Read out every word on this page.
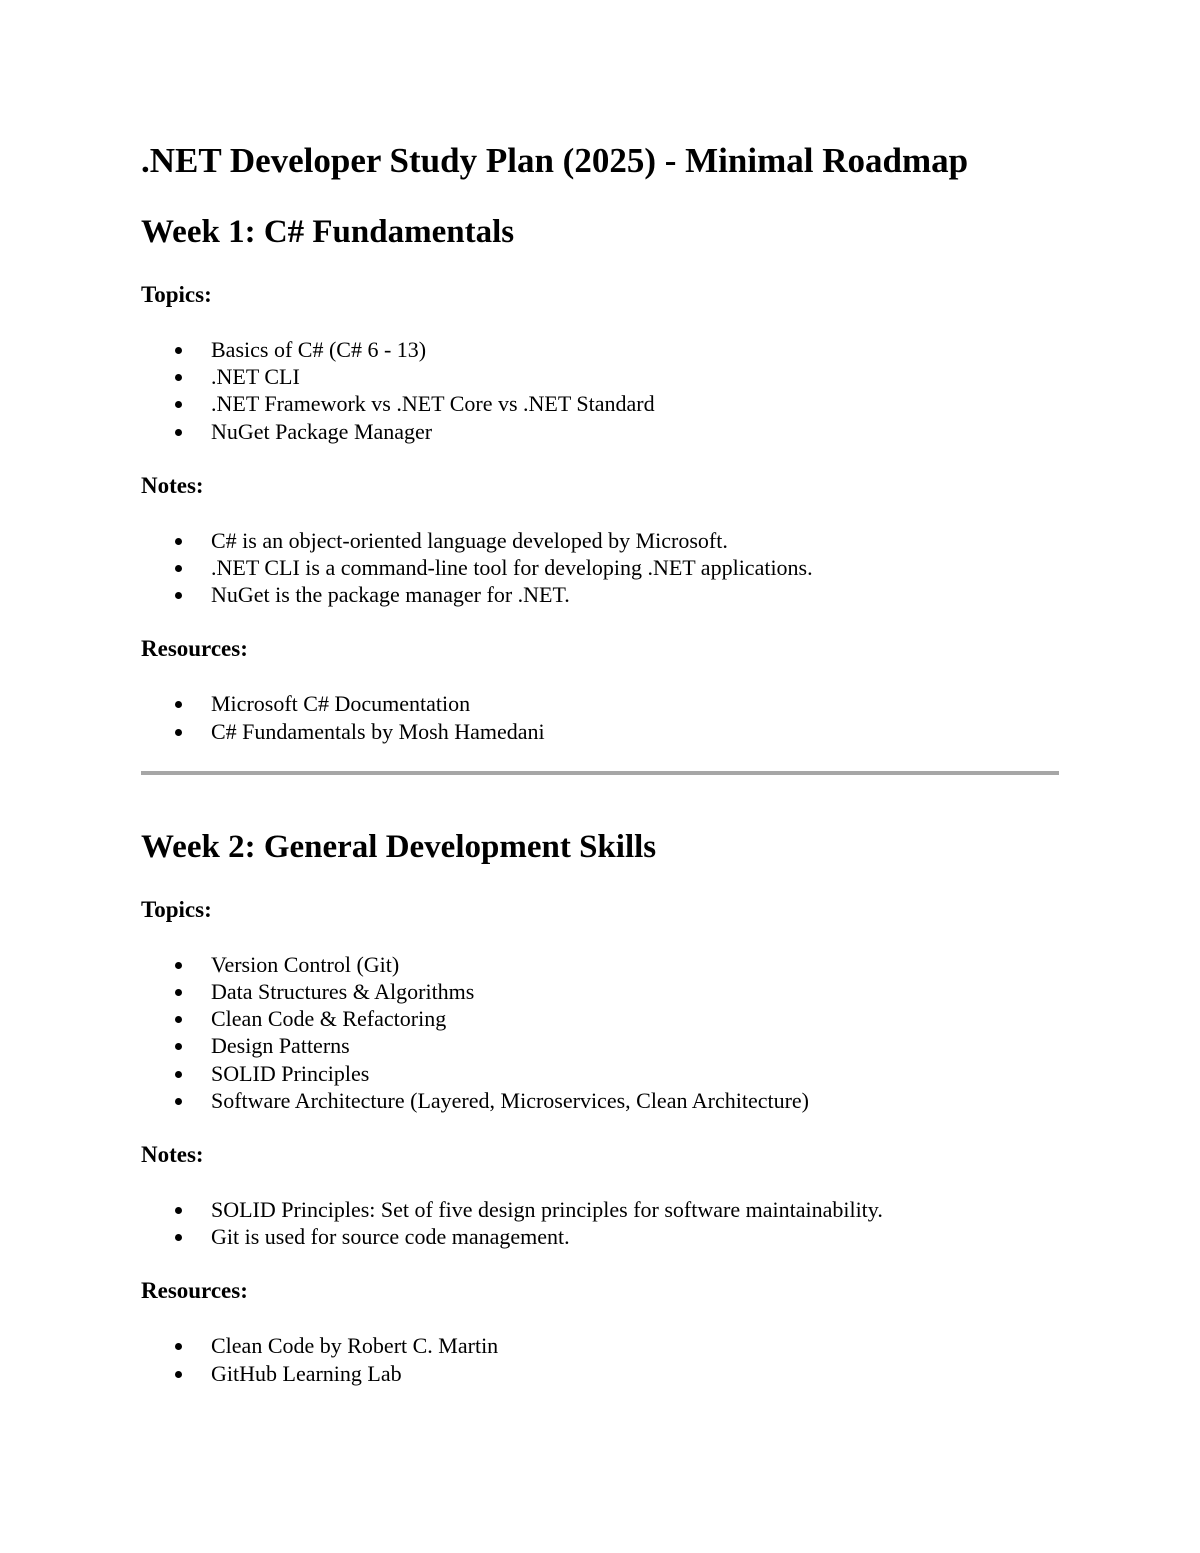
.NET Developer Study Plan (2025) - Minimal Roadmap
Week 1: C# Fundamentals

Topics:

Basics of C# (C# 6 - 13)
.NET CLI
.NET Framework vs .NET Core vs .NET Standard
NuGet Package Manager

Notes:

C# is an object-oriented language developed by Microsoft.
.NET CLI is a command-line tool for developing .NET applications.
NuGet is the package manager for .NET.

Resources:

Microsoft C# Documentation
C# Fundamentals by Mosh Hamedani
Week 2: General Development Skills

Topics:

Version Control (Git)
Data Structures & Algorithms
Clean Code & Refactoring
Design Patterns
SOLID Principles
Software Architecture (Layered, Microservices, Clean Architecture)

Notes:

SOLID Principles: Set of five design principles for software maintainability.
Git is used for source code management.

Resources:

Clean Code by Robert C. Martin
GitHub Learning Lab
